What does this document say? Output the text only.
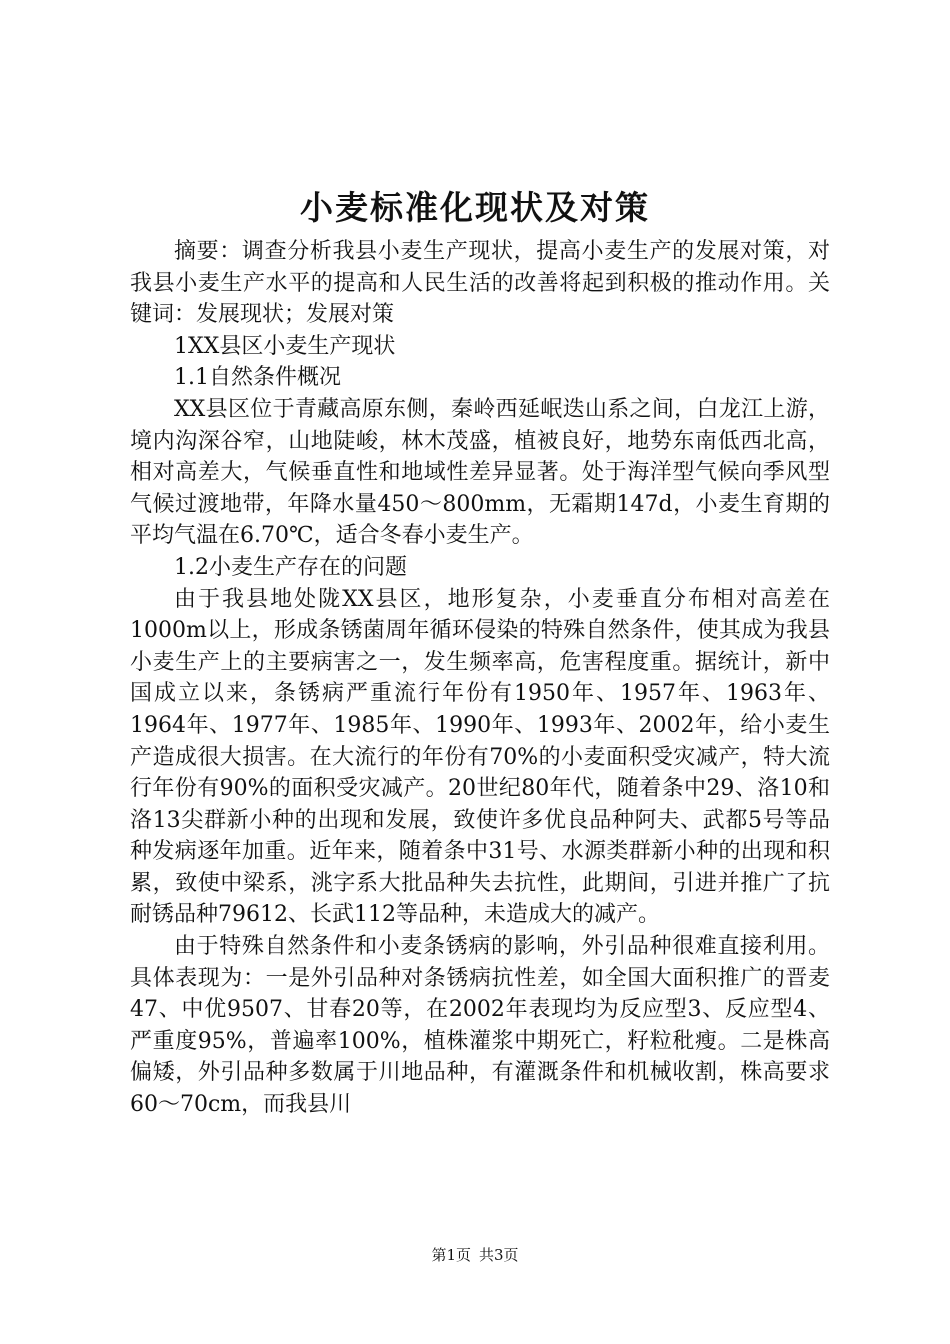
小麦标准化现状及对策

摘要：调查分析我县小麦生产现状，提高小麦生产的发展对策，对我县小麦生产水平的提高和人民生活的改善将起到积极的推动作用。关键词：发展现状；发展对策

1XX县区小麦生产现状

1.1自然条件概况

XX县区位于青藏高原东侧，秦岭西延岷迭山系之间，白龙江上游，境内沟深谷窄，山地陡峻，林木茂盛，植被良好，地势东南低西北高，相对高差大，气候垂直性和地域性差异显著。处于海洋型气候向季风型气候过渡地带，年降水量450～800mm，无霜期147d，小麦生育期的平均气温在6.70℃，适合冬春小麦生产。

1.2小麦生产存在的问题

由于我县地处陇XX县区，地形复杂，小麦垂直分布相对高差在1000m以上，形成条锈菌周年循环侵染的特殊自然条件，使其成为我县小麦生产上的主要病害之一，发生频率高，危害程度重。据统计，新中国成立以来，条锈病严重流行年份有1950年、1957年、1963年、1964年、1977年、1985年、1990年、1993年、2002年，给小麦生产造成很大损害。在大流行的年份有70%的小麦面积受灾减产，特大流行年份有90%的面积受灾减产。20世纪80年代，随着条中29、洛10和洛13尖群新小种的出现和发展，致使许多优良品种阿夫、武都5号等品种发病逐年加重。近年来，随着条中31号、水源类群新小种的出现和积累，致使中梁系，洮字系大批品种失去抗性，此期间，引进并推广了抗耐锈品种79612、长武112等品种，未造成大的减产。

由于特殊自然条件和小麦条锈病的影响，外引品种很难直接利用。具体表现为：一是外引品种对条锈病抗性差，如全国大面积推广的晋麦47、中优9507、甘春20等，在2002年表现均为反应型3、反应型4、严重度95%，普遍率100%，植株灌浆中期死亡，籽粒秕瘦。二是株高偏矮，外引品种多数属于川地品种，有灌溉条件和机械收割，株高要求60～70cm，而我县川

第1页 共3页
